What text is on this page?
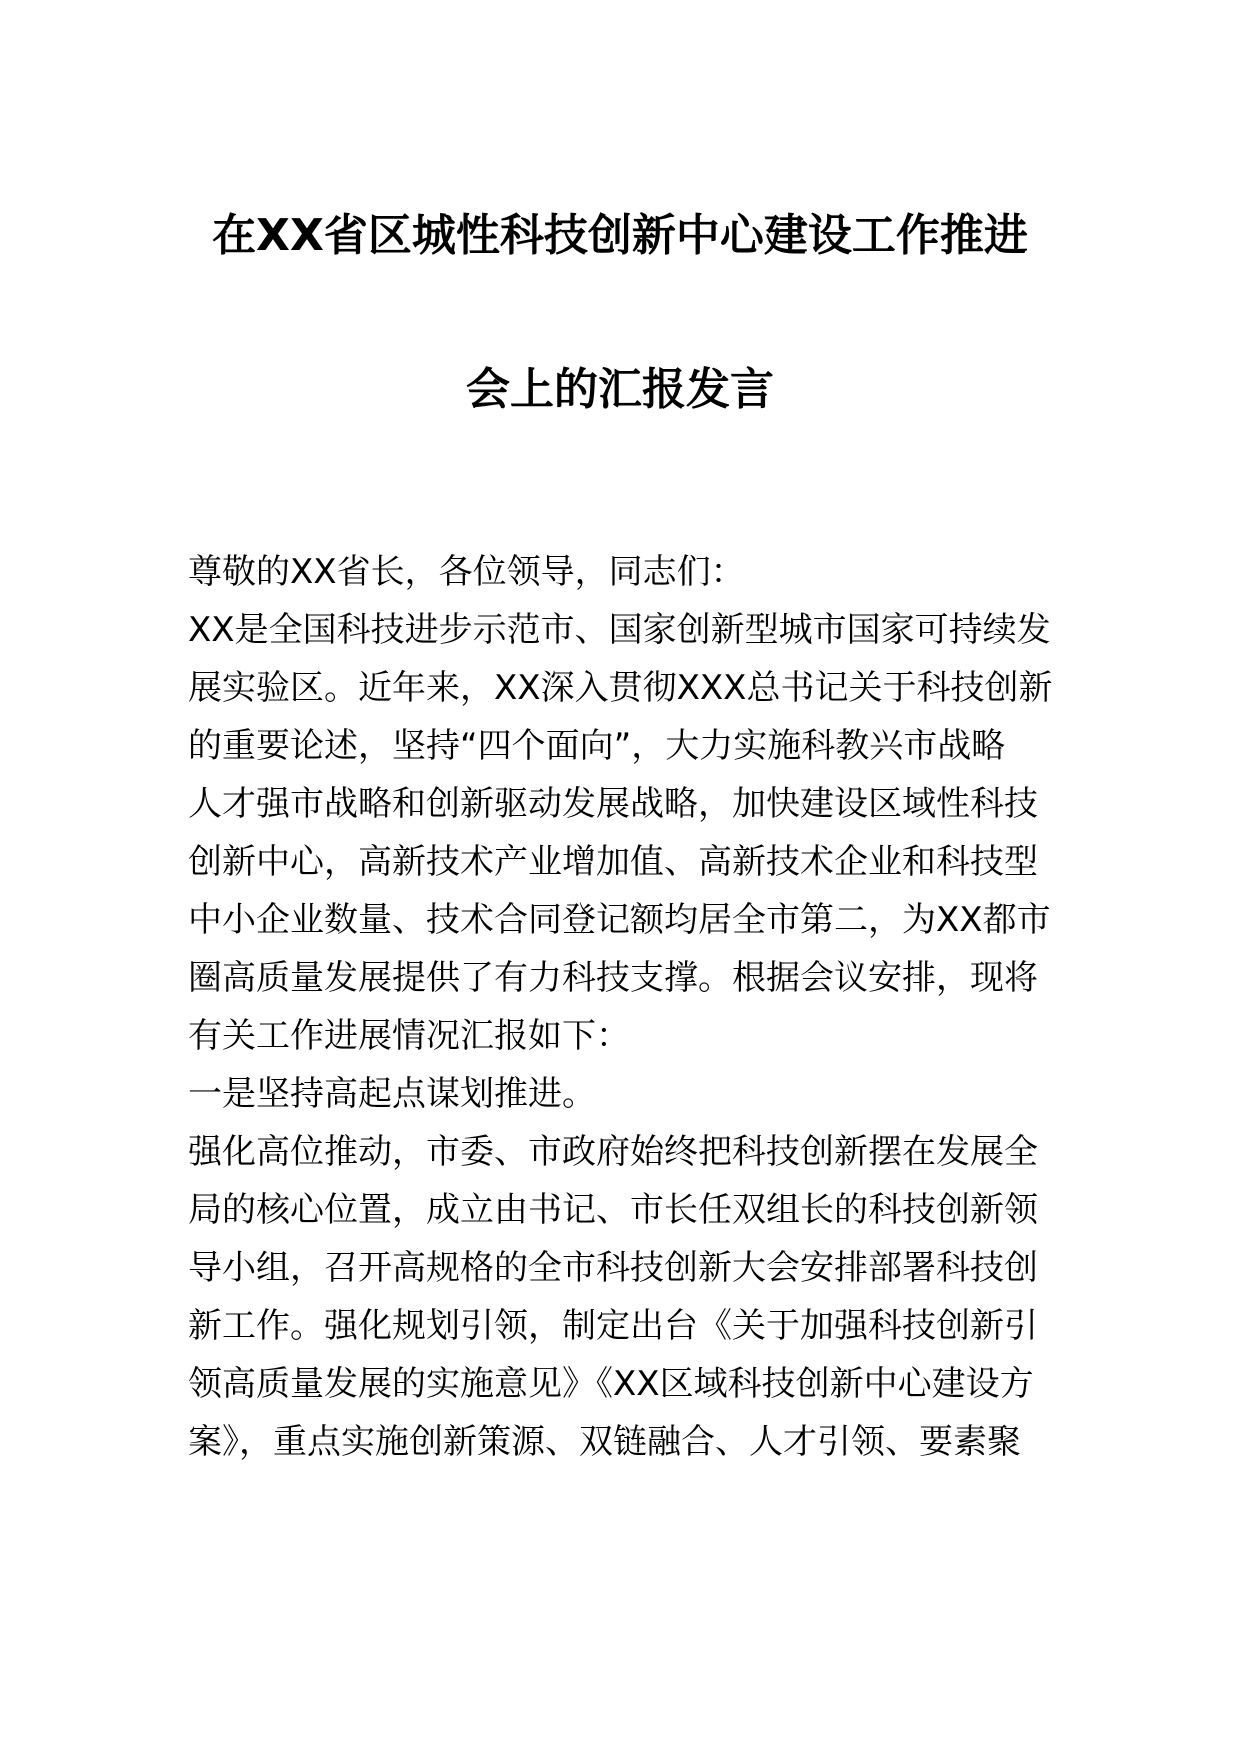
在XX省区城性科技创新中心建设工作推进
会上的汇报发言
尊敬的XX省长，各位领导，同志们：
XX是全国科技进步示范市、国家创新型城市国家可持续发
展实验区。近年来，XX深入贯彻XXX总书记关于科技创新
的重要论述，坚持“四个面向”，大力实施科教兴市战略
人才强市战略和创新驱动发展战略，加快建设区域性科技
创新中心，高新技术产业增加值、高新技术企业和科技型
中小企业数量、技术合同登记额均居全市第二，为XX都市
圈高质量发展提供了有力科技支撑。根据会议安排，现将
有关工作进展情况汇报如下：
一是坚持高起点谋划推进。
强化高位推动，市委、市政府始终把科技创新摆在发展全
局的核心位置，成立由书记、市长任双组长的科技创新领
导小组，召开高规格的全市科技创新大会安排部署科技创
新工作。强化规划引领，制定出台《关于加强科技创新引
领高质量发展的实施意见》《XX区域科技创新中心建设方
案》，重点实施创新策源、双链融合、人才引领、要素聚
